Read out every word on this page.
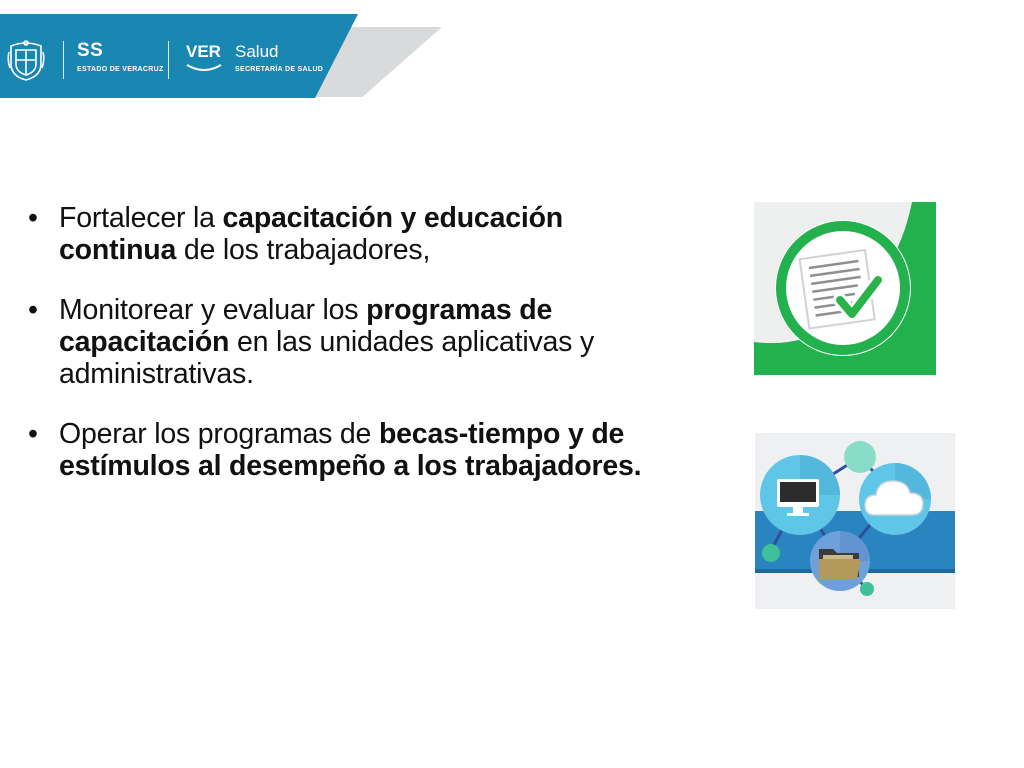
SS
ESTADO DE VERACRUZ
VER Salud
SECRETARÍA DE SALUD
• Fortalecer la capacitación y educación continua de los trabajadores,
• Monitorear y evaluar los programas de capacitación en las unidades aplicativas y administrativas.
• Operar los programas de becas-tiempo y de estímulos al desempeño a los trabajadores.
